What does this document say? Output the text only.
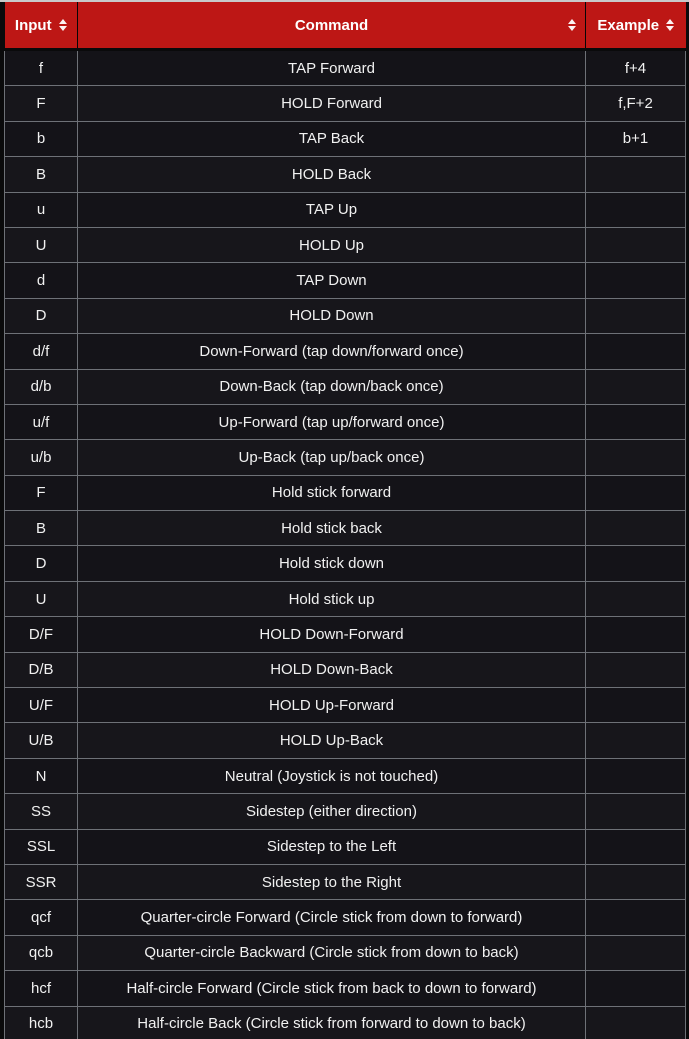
Input	Command	Example

f	TAP Forward	f+4
F	HOLD Forward	f,F+2
b	TAP Back	b+1
B	HOLD Back	
u	TAP Up	
U	HOLD Up	
d	TAP Down	
D	HOLD Down	
d/f	Down-Forward (tap down/forward once)	
d/b	Down-Back (tap down/back once)	
u/f	Up-Forward (tap up/forward once)	
u/b	Up-Back (tap up/back once)	
F	Hold stick forward	
B	Hold stick back	
D	Hold stick down	
U	Hold stick up	
D/F	HOLD Down-Forward	
D/B	HOLD Down-Back	
U/F	HOLD Up-Forward	
U/B	HOLD Up-Back	
N	Neutral (Joystick is not touched)	
SS	Sidestep (either direction)	
SSL	Sidestep to the Left	
SSR	Sidestep to the Right	
qcf	Quarter-circle Forward (Circle stick from down to forward)	
qcb	Quarter-circle Backward (Circle stick from down to back)	
hcf	Half-circle Forward (Circle stick from back to down to forward)	
hcb	Half-circle Back (Circle stick from forward to down to back)	
